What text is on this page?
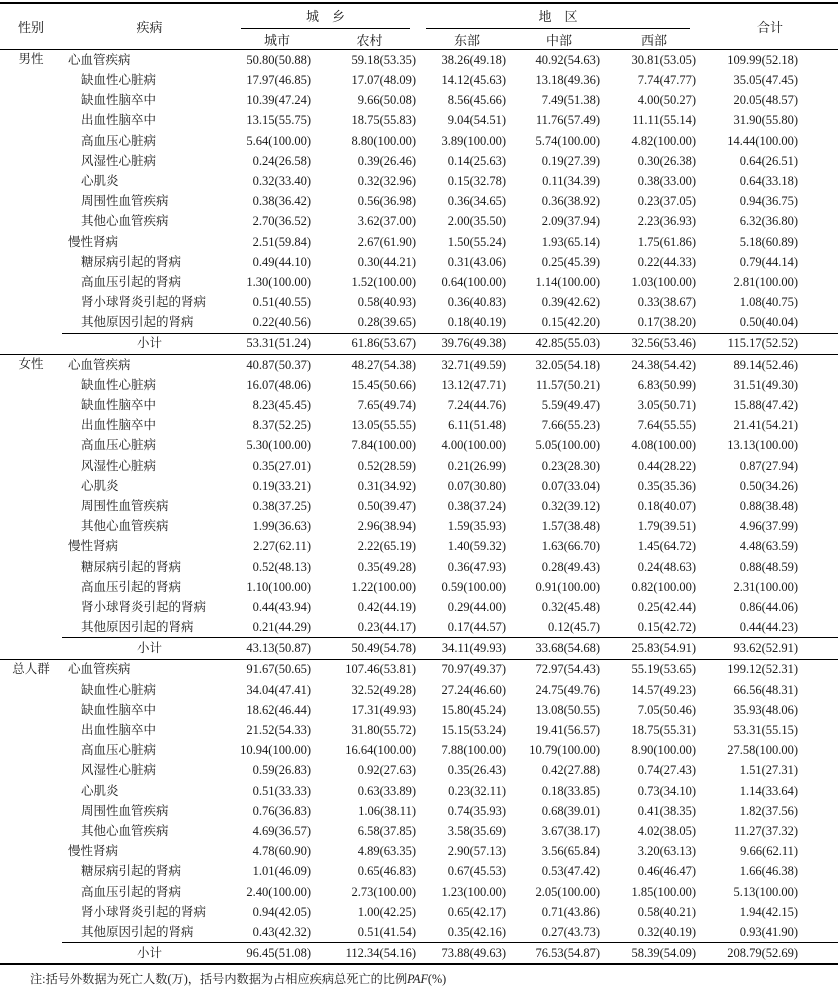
性别	疾病	城　乡		地　区			合计
		城市	农村	东部	中部	西部	
男性	心血管疾病	50.80(50.88)	59.18(53.35)	38.26(49.18)	40.92(54.63)	30.81(53.05)	109.99(52.18)
	缺血性心脏病	17.97(46.85)	17.07(48.09)	14.12(45.63)	13.18(49.36)	7.74(47.77)	35.05(47.45)
	缺血性脑卒中	10.39(47.24)	9.66(50.08)	8.56(45.66)	7.49(51.38)	4.00(50.27)	20.05(48.57)
	出血性脑卒中	13.15(55.75)	18.75(55.83)	9.04(54.51)	11.76(57.49)	11.11(55.14)	31.90(55.80)
	高血压心脏病	5.64(100.00)	8.80(100.00)	3.89(100.00)	5.74(100.00)	4.82(100.00)	14.44(100.00)
	风湿性心脏病	0.24(26.58)	0.39(26.46)	0.14(25.63)	0.19(27.39)	0.30(26.38)	0.64(26.51)
	心肌炎	0.32(33.40)	0.32(32.96)	0.15(32.78)	0.11(34.39)	0.38(33.00)	0.64(33.18)
	周围性血管疾病	0.38(36.42)	0.56(36.98)	0.36(34.65)	0.36(38.92)	0.23(37.05)	0.94(36.75)
	其他心血管疾病	2.70(36.52)	3.62(37.00)	2.00(35.50)	2.09(37.94)	2.23(36.93)	6.32(36.80)
	慢性肾病	2.51(59.84)	2.67(61.90)	1.50(55.24)	1.93(65.14)	1.75(61.86)	5.18(60.89)
	糖尿病引起的肾病	0.49(44.10)	0.30(44.21)	0.31(43.06)	0.25(45.39)	0.22(44.33)	0.79(44.14)
	高血压引起的肾病	1.30(100.00)	1.52(100.00)	0.64(100.00)	1.14(100.00)	1.03(100.00)	2.81(100.00)
	肾小球肾炎引起的肾病	0.51(40.55)	0.58(40.93)	0.36(40.83)	0.39(42.62)	0.33(38.67)	1.08(40.75)
	其他原因引起的肾病	0.22(40.56)	0.28(39.65)	0.18(40.19)	0.15(42.20)	0.17(38.20)	0.50(40.04)
	小计	53.31(51.24)	61.86(53.67)	39.76(49.38)	42.85(55.03)	32.56(53.46)	115.17(52.52)
女性	心血管疾病	40.87(50.37)	48.27(54.38)	32.71(49.59)	32.05(54.18)	24.38(54.42)	89.14(52.46)
	缺血性心脏病	16.07(48.06)	15.45(50.66)	13.12(47.71)	11.57(50.21)	6.83(50.99)	31.51(49.30)
	缺血性脑卒中	8.23(45.45)	7.65(49.74)	7.24(44.76)	5.59(49.47)	3.05(50.71)	15.88(47.42)
	出血性脑卒中	8.37(52.25)	13.05(55.55)	6.11(51.48)	7.66(55.23)	7.64(55.55)	21.41(54.21)
	高血压心脏病	5.30(100.00)	7.84(100.00)	4.00(100.00)	5.05(100.00)	4.08(100.00)	13.13(100.00)
	风湿性心脏病	0.35(27.01)	0.52(28.59)	0.21(26.99)	0.23(28.30)	0.44(28.22)	0.87(27.94)
	心肌炎	0.19(33.21)	0.31(34.92)	0.07(30.80)	0.07(33.04)	0.35(35.36)	0.50(34.26)
	周围性血管疾病	0.38(37.25)	0.50(39.47)	0.38(37.24)	0.32(39.12)	0.18(40.07)	0.88(38.48)
	其他心血管疾病	1.99(36.63)	2.96(38.94)	1.59(35.93)	1.57(38.48)	1.79(39.51)	4.96(37.99)
	慢性肾病	2.27(62.11)	2.22(65.19)	1.40(59.32)	1.63(66.70)	1.45(64.72)	4.48(63.59)
	糖尿病引起的肾病	0.52(48.13)	0.35(49.28)	0.36(47.93)	0.28(49.43)	0.24(48.63)	0.88(48.59)
	高血压引起的肾病	1.10(100.00)	1.22(100.00)	0.59(100.00)	0.91(100.00)	0.82(100.00)	2.31(100.00)
	肾小球肾炎引起的肾病	0.44(43.94)	0.42(44.19)	0.29(44.00)	0.32(45.48)	0.25(42.44)	0.86(44.06)
	其他原因引起的肾病	0.21(44.29)	0.23(44.17)	0.17(44.57)	0.12(45.7)	0.15(42.72)	0.44(44.23)
	小计	43.13(50.87)	50.49(54.78)	34.11(49.93)	33.68(54.68)	25.83(54.91)	93.62(52.91)
总人群	心血管疾病	91.67(50.65)	107.46(53.81)	70.97(49.37)	72.97(54.43)	55.19(53.65)	199.12(52.31)
	缺血性心脏病	34.04(47.41)	32.52(49.28)	27.24(46.60)	24.75(49.76)	14.57(49.23)	66.56(48.31)
	缺血性脑卒中	18.62(46.44)	17.31(49.93)	15.80(45.24)	13.08(50.55)	7.05(50.46)	35.93(48.06)
	出血性脑卒中	21.52(54.33)	31.80(55.72)	15.15(53.24)	19.41(56.57)	18.75(55.31)	53.31(55.15)
	高血压心脏病	10.94(100.00)	16.64(100.00)	7.88(100.00)	10.79(100.00)	8.90(100.00)	27.58(100.00)
	风湿性心脏病	0.59(26.83)	0.92(27.63)	0.35(26.43)	0.42(27.88)	0.74(27.43)	1.51(27.31)
	心肌炎	0.51(33.33)	0.63(33.89)	0.23(32.11)	0.18(33.85)	0.73(34.10)	1.14(33.64)
	周围性血管疾病	0.76(36.83)	1.06(38.11)	0.74(35.93)	0.68(39.01)	0.41(38.35)	1.82(37.56)
	其他心血管疾病	4.69(36.57)	6.58(37.85)	3.58(35.69)	3.67(38.17)	4.02(38.05)	11.27(37.32)
	慢性肾病	4.78(60.90)	4.89(63.35)	2.90(57.13)	3.56(65.84)	3.20(63.13)	9.66(62.11)
	糖尿病引起的肾病	1.01(46.09)	0.65(46.83)	0.67(45.53)	0.53(47.42)	0.46(46.47)	1.66(46.38)
	高血压引起的肾病	2.40(100.00)	2.73(100.00)	1.23(100.00)	2.05(100.00)	1.85(100.00)	5.13(100.00)
	肾小球肾炎引起的肾病	0.94(42.05)	1.00(42.25)	0.65(42.17)	0.71(43.86)	0.58(40.21)	1.94(42.15)
	其他原因引起的肾病	0.43(42.32)	0.51(41.54)	0.35(42.16)	0.27(43.73)	0.32(40.19)	0.93(41.90)
	小计	96.45(51.08)	112.34(54.16)	73.88(49.63)	76.53(54.87)	58.39(54.09)	208.79(52.69)
注:括号外数据为死亡人数(万)，括号内数据为占相应疾病总死亡的比例PAF(%)
